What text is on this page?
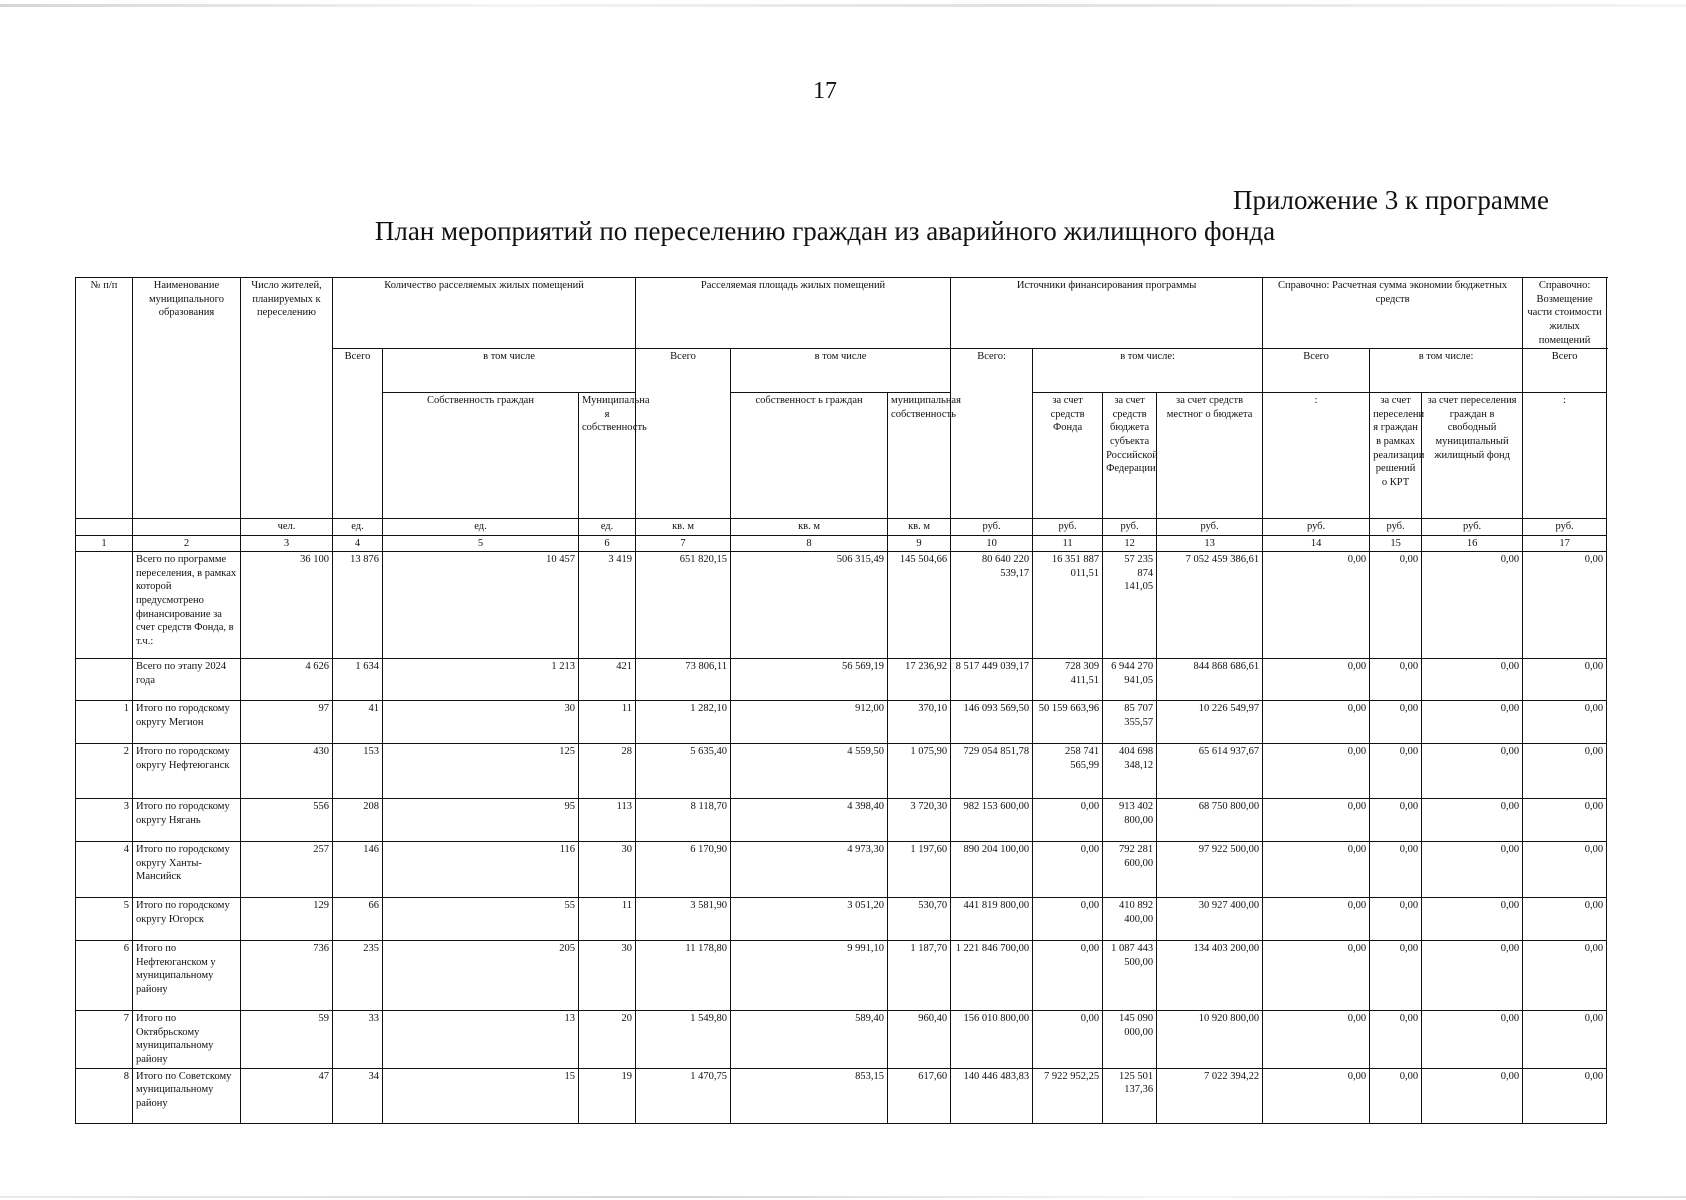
17
Приложение 3 к программе
План мероприятий по переселению граждан из аварийного жилищного фонда
№ п/п	Наименование муниципального образования	Число жителей, планируемых к переселению	Количество расселяемых жилых помещений			Расселяемая площадь жилых помещений			Источники финансирования программы				Справочно: Расчетная сумма экономии бюджетных средств			Справочно: Возмещение части стоимости жилых помещений	
			Всего	в том числе		Всего	в том числе		Всего:	в том числе:			Всего	в том числе:		Всего	
				Собственность граждан	Муниципальна я собственность		собственност ь граждан	муниципальная собственность		за счет средств Фонда	за счет средств бюджета субъекта Российской Федерации	за счет средств местног о бюджета	:	за счет переселени я граждан в рамках реализации решений о КРТ	за счет переселения граждан в свободный муниципальный жилищный фонд	:		
		чел.	ед.	ед.	ед.	кв. м	кв. м	кв. м	руб.	руб.	руб.	руб.	руб.	руб.	руб.	руб.		
1	2	3	4	5	6	7	8	9	10	11	12	13	14	15	16	17		
	Всего по программе переселения, в рамках которой предусмотрено финансирование за счет средств Фонда, в т.ч.:	36 100	13 876	10 457	3 419	651 820,15	506 315,49	145 504,66	80 640 220 539,17	16 351 887 011,51	57 235 874 141,05	7 052 459 386,61	0,00	0,00	0,00	0,00		
	Всего по этапу 2024 года	4 626	1 634	1 213	421	73 806,11	56 569,19	17 236,92	8 517 449 039,17	728 309 411,51	6 944 270 941,05	844 868 686,61	0,00	0,00	0,00	0,00		
1	Итого по городскому округу Мегион	97	41	30	11	1 282,10	912,00	370,10	146 093 569,50	50 159 663,96	85 707 355,57	10 226 549,97	0,00	0,00	0,00	0,00		
2	Итого по городскому округу Нефтеюганск	430	153	125	28	5 635,40	4 559,50	1 075,90	729 054 851,78	258 741 565,99	404 698 348,12	65 614 937,67	0,00	0,00	0,00	0,00		
3	Итого по городскому округу Нягань	556	208	95	113	8 118,70	4 398,40	3 720,30	982 153 600,00	0,00	913 402 800,00	68 750 800,00	0,00	0,00	0,00	0,00		
4	Итого по городскому округу Ханты-Мансийск	257	146	116	30	6 170,90	4 973,30	1 197,60	890 204 100,00	0,00	792 281 600,00	97 922 500,00	0,00	0,00	0,00	0,00		
5	Итого по городскому округу Югорск	129	66	55	11	3 581,90	3 051,20	530,70	441 819 800,00	0,00	410 892 400,00	30 927 400,00	0,00	0,00	0,00	0,00		
6	Итого по Нефтеюганском у муниципальному району	736	235	205	30	11 178,80	9 991,10	1 187,70	1 221 846 700,00	0,00	1 087 443 500,00	134 403 200,00	0,00	0,00	0,00	0,00		
7	Итого по Октябрьскому муниципальному району	59	33	13	20	1 549,80	589,40	960,40	156 010 800,00	0,00	145 090 000,00	10 920 800,00	0,00	0,00	0,00	0,00		
8	Итого по Советскому муниципальному району	47	34	15	19	1 470,75	853,15	617,60	140 446 483,83	7 922 952,25	125 501 137,36	7 022 394,22	0,00	0,00	0,00	0,00		
